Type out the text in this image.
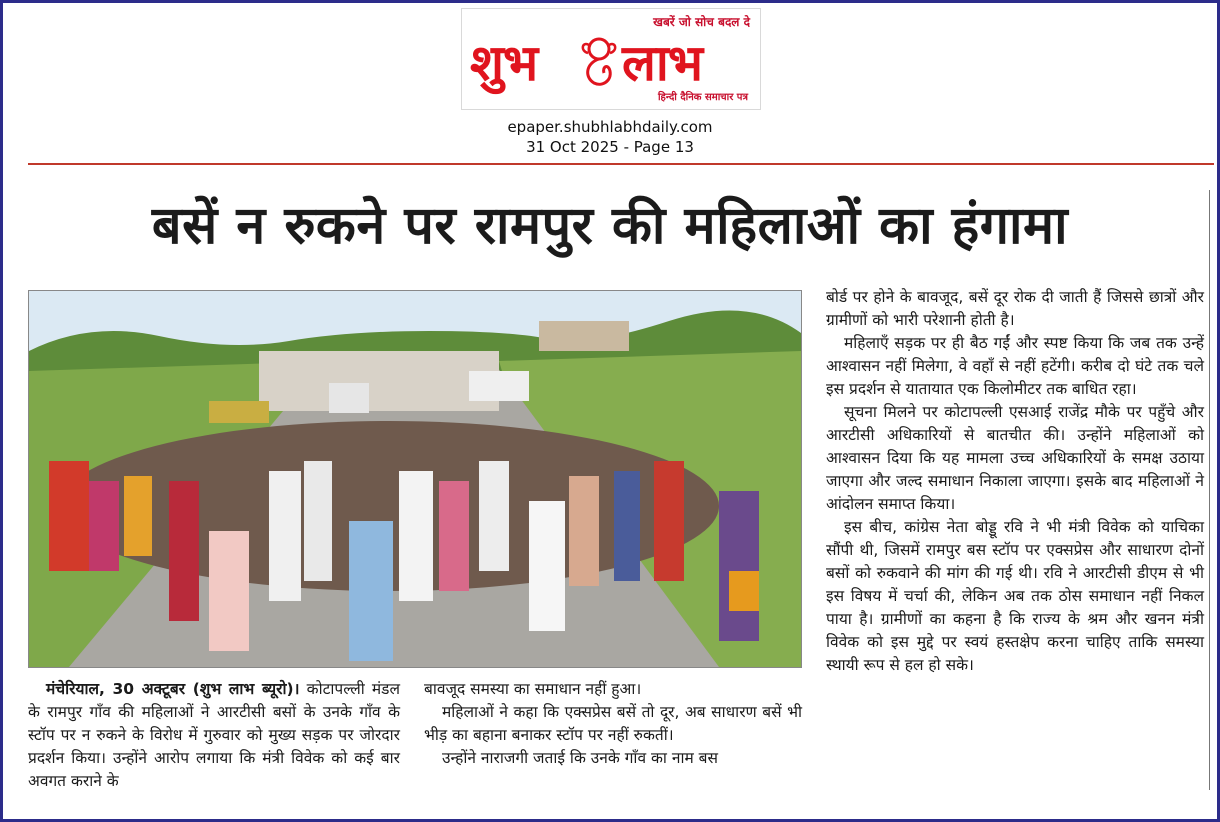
खबरें जो सोच बदल दे
शुभ लाभ
हिन्दी दैनिक समाचार पत्र
epaper.shubhlabhdaily.com
31 Oct 2025 - Page 13
बसें न रुकने पर रामपुर की महिलाओं का हंगामा

बोर्ड पर होने के बावजूद, बसें दूर रोक दी जाती हैं जिससे छात्रों और ग्रामीणों को भारी परेशानी होती है।

महिलाएँ सड़क पर ही बैठ गईं और स्पष्ट किया कि जब तक उन्हें आश्वासन नहीं मिलेगा, वे वहाँ से नहीं हटेंगी। करीब दो घंटे तक चले इस प्रदर्शन से यातायात एक किलोमीटर तक बाधित रहा।

सूचना मिलने पर कोटापल्ली एसआई राजेंद्र मौके पर पहुँचे और आरटीसी अधिकारियों से बातचीत की। उन्होंने महिलाओं को आश्वासन दिया कि यह मामला उच्च अधिकारियों के समक्ष उठाया जाएगा और जल्द समाधान निकाला जाएगा। इसके बाद महिलाओं ने आंदोलन समाप्त किया।

इस बीच, कांग्रेस नेता बोड्डू रवि ने भी मंत्री विवेक को याचिका सौंपी थी, जिसमें रामपुर बस स्टॉप पर एक्सप्रेस और साधारण दोनों बसों को रुकवाने की मांग की गई थी। रवि ने आरटीसी डीएम से भी इस विषय में चर्चा की, लेकिन अब तक ठोस समाधान नहीं निकल पाया है। ग्रामीणों का कहना है कि राज्य के श्रम और खनन मंत्री विवेक को इस मुद्दे पर स्वयं हस्तक्षेप करना चाहिए ताकि समस्या स्थायी रूप से हल हो सके।

मंचेरियाल, 30 अक्टूबर (शुभ लाभ ब्यूरो)। कोटापल्ली मंडल के रामपुर गाँव की महिलाओं ने आरटीसी बसों के उनके गाँव के स्टॉप पर न रुकने के विरोध में गुरुवार को मुख्य सड़क पर जोरदार प्रदर्शन किया। उन्होंने आरोप लगाया कि मंत्री विवेक को कई बार अवगत कराने के

बावजूद समस्या का समाधान नहीं हुआ।

महिलाओं ने कहा कि एक्सप्रेस बसें तो दूर, अब साधारण बसें भी भीड़ का बहाना बनाकर स्टॉप पर नहीं रुकतीं।

उन्होंने नाराजगी जताई कि उनके गाँव का नाम बस
